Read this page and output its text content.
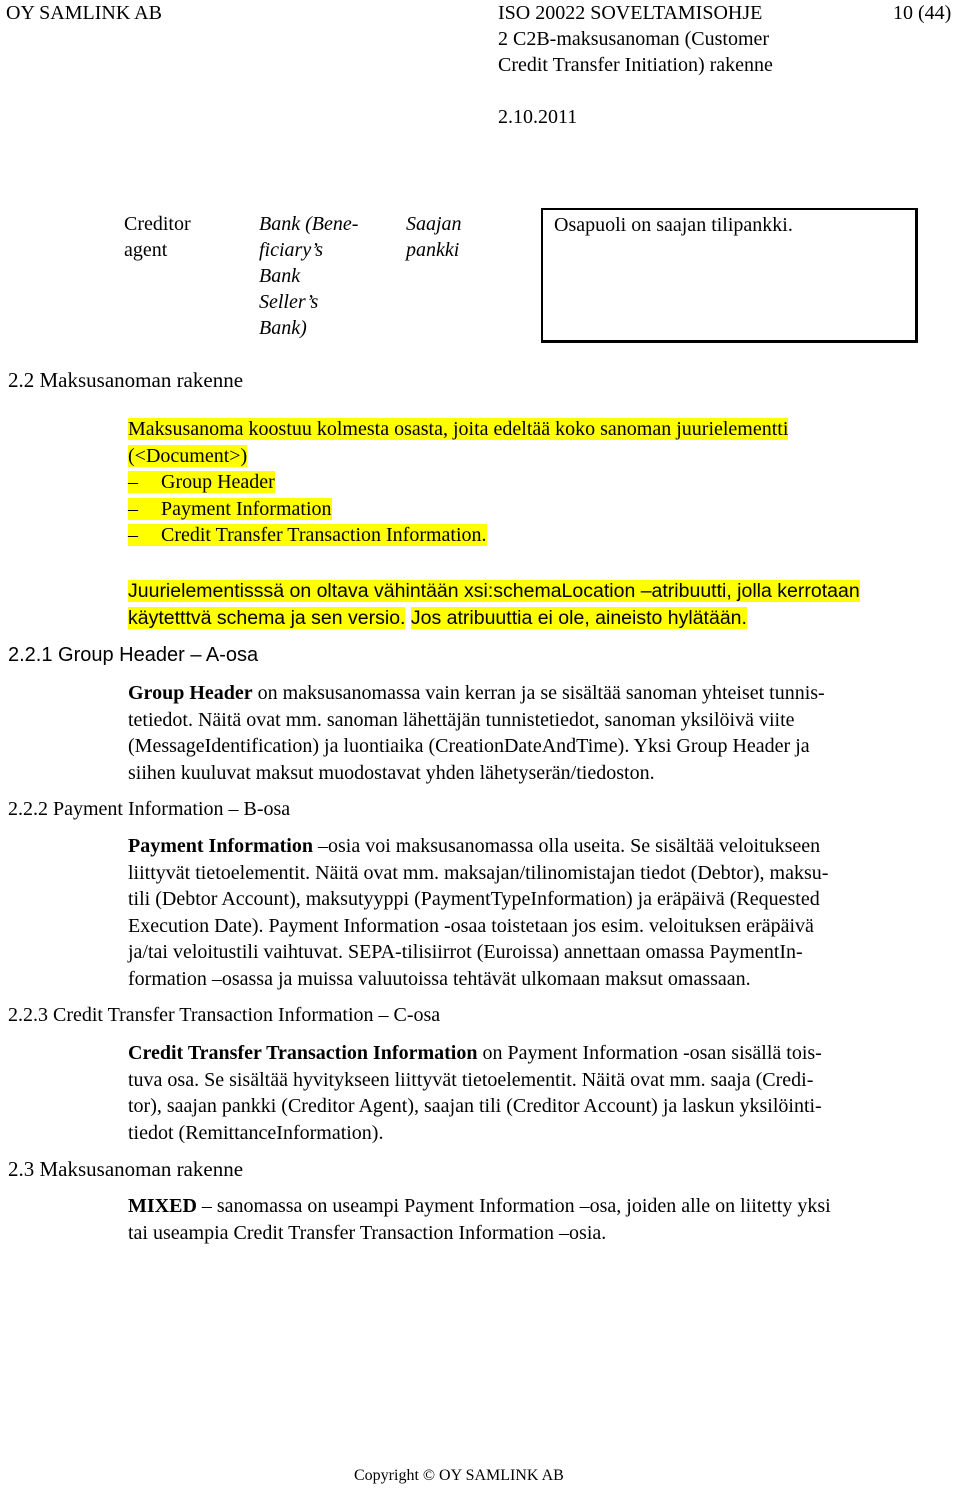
OY SAMLINK AB	ISO 20022 SOVELTAMISOHJE	10 (44)
2 C2B-maksusanoman (Customer
Credit Transfer Initiation) rakenne
2.10.2011
Creditor
agent

Bank (Bene-
ficiary’s
Bank
Seller’s
Bank)

Saajan
pankki

Osapuoli on saajan tilipankki.
2.2 Maksusanoman rakenne
Maksusanoma koostuu kolmesta osasta, joita edeltää koko sanoman juurielementti
(<Document>)
– Group Header
– Payment Information
– Credit Transfer Transaction Information.
Juurielementisssä on oltava vähintään xsi:schemaLocation –atribuutti, jolla kerrotaan
käytetttvä schema ja sen versio. Jos atribuuttia ei ole, aineisto hylätään.
2.2.1 Group Header – A-osa
Group Header on maksusanomassa vain kerran ja se sisältää sanoman yhteiset tunnis-
tetiedot. Näitä ovat mm. sanoman lähettäjän tunnistetiedot, sanoman yksilöivä viite
(MessageIdentification) ja luontiaika (CreationDateAndTime). Yksi Group Header ja
siihen kuuluvat maksut muodostavat yhden lähetyserän/tiedoston.
2.2.2 Payment Information – B-osa
Payment Information –osia voi maksusanomassa olla useita. Se sisältää veloitukseen
liittyvät tietoelementit. Näitä ovat mm. maksajan/tilinomistajan tiedot (Debtor), maksu-
tili (Debtor Account), maksutyyppi (PaymentTypeInformation) ja eräpäivä (Requested
Execution Date). Payment Information -osaa toistetaan jos esim. veloituksen eräpäivä
ja/tai veloitustili vaihtuvat. SEPA-tilisiirrot (Euroissa) annettaan omassa PaymentIn-
formation –osassa ja muissa valuutoissa tehtävät ulkomaan maksut omassaan.
2.2.3 Credit Transfer Transaction Information – C-osa
Credit Transfer Transaction Information on Payment Information -osan sisällä tois-
tuva osa. Se sisältää hyvitykseen liittyvät tietoelementit. Näitä ovat mm. saaja (Credi-
tor), saajan pankki (Creditor Agent), saajan tili (Creditor Account) ja laskun yksilöinti-
tiedot (RemittanceInformation).
2.3 Maksusanoman rakenne
MIXED – sanomassa on useampi Payment Information –osa, joiden alle on liitetty yksi
tai useampia Credit Transfer Transaction Information –osia.
Copyright © OY SAMLINK AB
